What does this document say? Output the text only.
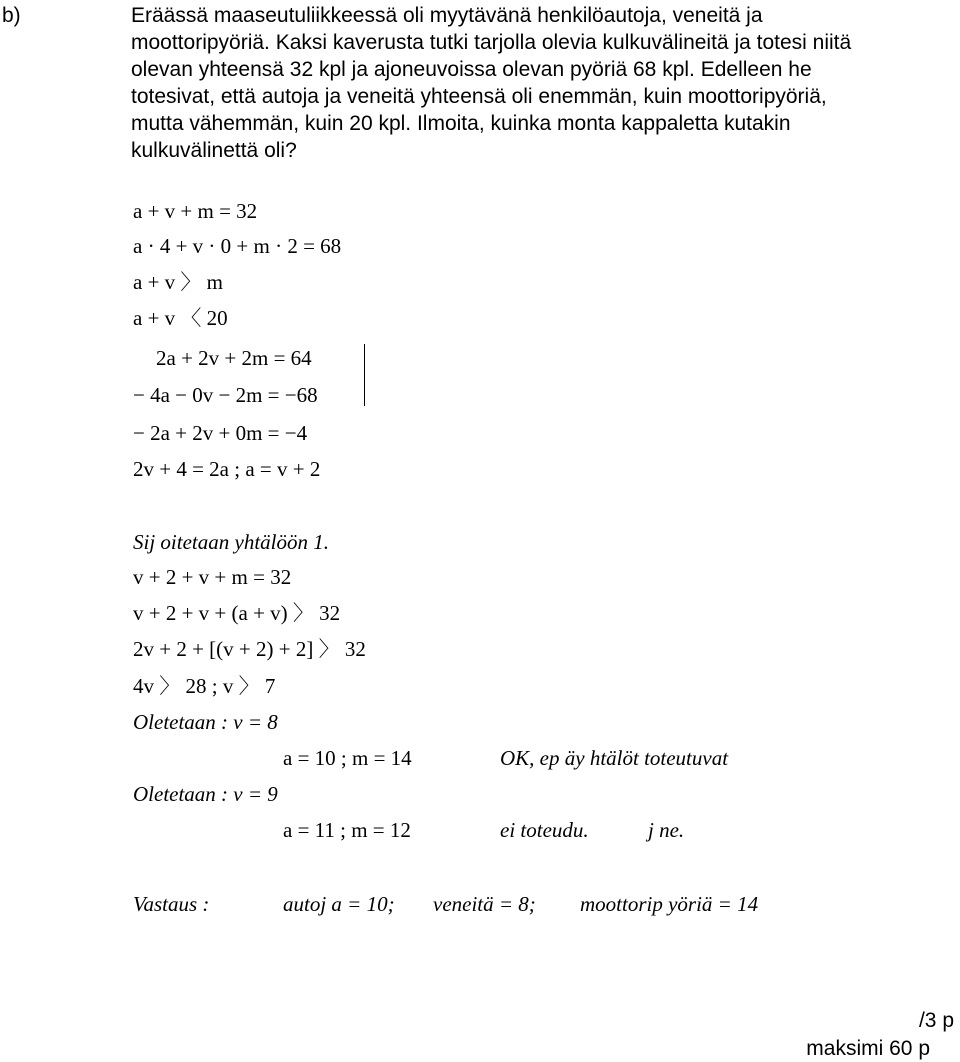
b)	Eräässä maaseutuliikkeessä oli myytävänä henkilöautoja, veneitä ja
moottoripyöriä. Kaksi kaverusta tutki tarjolla olevia kulkuvälineitä ja totesi niitä
olevan yhteensä 32 kpl ja ajoneuvoissa olevan pyöriä 68 kpl. Edelleen he
totesivat, että autoja ja veneitä yhteensä oli enemmän, kuin moottoripyöriä,
mutta vähemmän, kuin 20 kpl. Ilmoita, kuinka monta kappaletta kutakin
kulkuvälinettä oli?
a + v + m = 32
a · 4 + v · 0 + m · 2 = 68
a + v 〉 m
a + v 〈 20
2a + 2v + 2m = 64
− 4a − 0v − 2m = −68
− 2a + 2v + 0m = −4
2v + 4 = 2a ; a = v + 2
Sij oitetaan yhtälöön 1.
v + 2 + v + m = 32
v + 2 + v + (a + v) 〉 32
2v + 2 + [(v + 2) + 2] 〉 32
4v 〉 28 ; v 〉 7
Oletetaan : v = 8
a = 10 ; m = 14	OK, ep äy htälöt toteutuvat
Oletetaan : v = 9
a = 11 ; m = 12	ei toteudu.	j ne.
Vastaus :	autoj a = 10; veneitä = 8; moottorip yöriä = 14
/3 p
maksimi 60 p
